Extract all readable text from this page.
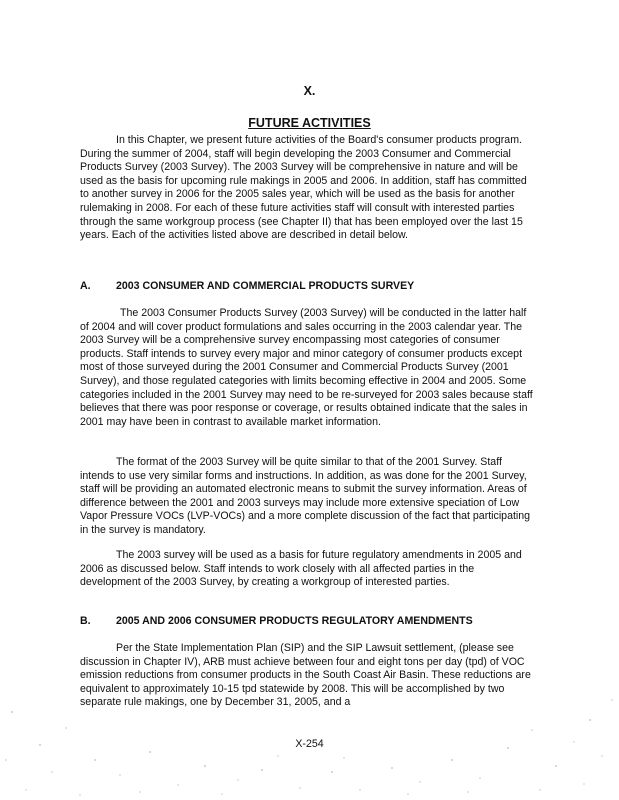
X.
FUTURE ACTIVITIES

In this Chapter, we present future activities of the Board's consumer products program. During the summer of 2004, staff will begin developing the 2003 Consumer and Commercial Products Survey (2003 Survey). The 2003 Survey will be comprehensive in nature and will be used as the basis for upcoming rule makings in 2005 and 2006. In addition, staff has committed to another survey in 2006 for the 2005 sales year, which will be used as the basis for another rulemaking in 2008. For each of these future activities staff will consult with interested parties through the same workgroup process (see Chapter II) that has been employed over the last 15 years. Each of the activities listed above are described in detail below.

A.	2003 CONSUMER AND COMMERCIAL PRODUCTS SURVEY

The 2003 Consumer Products Survey (2003 Survey) will be conducted in the latter half of 2004 and will cover product formulations and sales occurring in the 2003 calendar year. The 2003 Survey will be a comprehensive survey encompassing most categories of consumer products. Staff intends to survey every major and minor category of consumer products except most of those surveyed during the 2001 Consumer and Commercial Products Survey (2001 Survey), and those regulated categories with limits becoming effective in 2004 and 2005. Some categories included in the 2001 Survey may need to be re-surveyed for 2003 sales because staff believes that there was poor response or coverage, or results obtained indicate that the sales in 2001 may have been in contrast to available market information.

The format of the 2003 Survey will be quite similar to that of the 2001 Survey. Staff intends to use very similar forms and instructions. In addition, as was done for the 2001 Survey, staff will be providing an automated electronic means to submit the survey information. Areas of difference between the 2001 and 2003 surveys may include more extensive speciation of Low Vapor Pressure VOCs (LVP-VOCs) and a more complete discussion of the fact that participating in the survey is mandatory.

The 2003 survey will be used as a basis for future regulatory amendments in 2005 and 2006 as discussed below. Staff intends to work closely with all affected parties in the development of the 2003 Survey, by creating a workgroup of interested parties.

B.	2005 AND 2006 CONSUMER PRODUCTS REGULATORY AMENDMENTS

Per the State Implementation Plan (SIP) and the SIP Lawsuit settlement, (please see discussion in Chapter IV), ARB must achieve between four and eight tons per day (tpd) of VOC emission reductions from consumer products in the South Coast Air Basin. These reductions are equivalent to approximately 10-15 tpd statewide by 2008. This will be accomplished by two separate rule makings, one by December 31, 2005, and a

X-254
